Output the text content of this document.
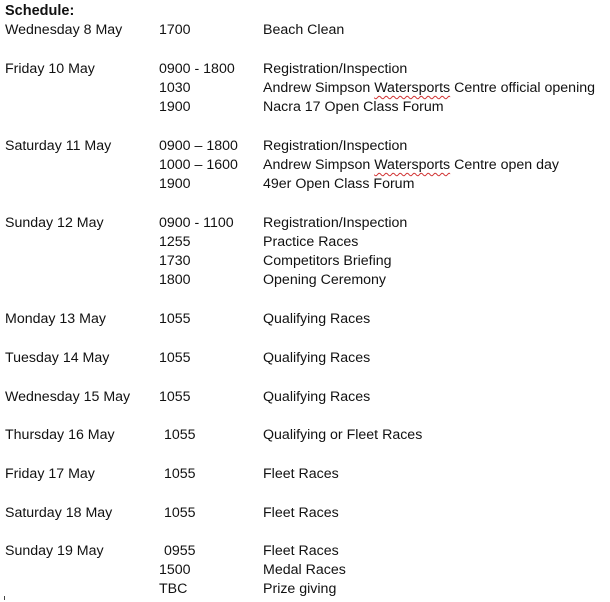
Schedule:
Wednesday 8 May	1700	Beach Clean
Friday 10 May	0900 - 1800 Registration/Inspection
1030	Andrew Simpson Watersports Centre official opening
1900	Nacra 17 Open Class Forum
Saturday 11 May	0900 – 1800 Registration/Inspection
1000 – 1600 Andrew Simpson Watersports Centre open day
1900	49er Open Class Forum
Sunday 12 May	0900 - 1100 Registration/Inspection
1255	Practice Races
1730	Competitors Briefing
1800	Opening Ceremony
Monday 13 May	1055	Qualifying Races
Tuesday 14 May	1055	Qualifying Races
Wednesday 15 May 1055	Qualifying Races
Thursday 16 May	1055	Qualifying or Fleet Races
Friday 17 May	1055	Fleet Races
Saturday 18 May	1055	Fleet Races
Sunday 19 May	0955	Fleet Races
1500	Medal Races
TBC	Prize giving
